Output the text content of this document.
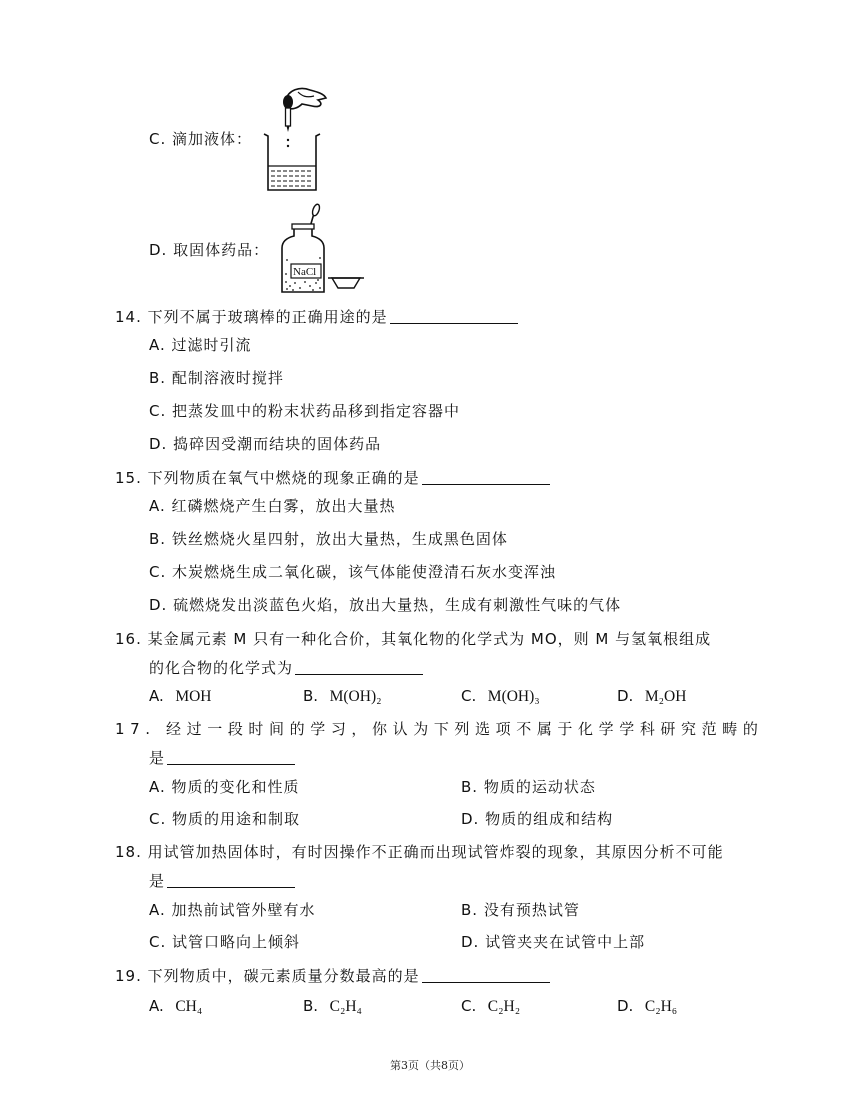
C. 滴加液体：
D. 取固体药品：
NaCl
14. 下列不属于玻璃棒的正确用途的是
A. 过滤时引流
B. 配制溶液时搅拌
C. 把蒸发皿中的粉末状药品移到指定容器中
D. 捣碎因受潮而结块的固体药品
15. 下列物质在氧气中燃烧的现象正确的是
A. 红磷燃烧产生白雾，放出大量热
B. 铁丝燃烧火星四射，放出大量热，生成黑色固体
C. 木炭燃烧生成二氧化碳，该气体能使澄清石灰水变浑浊
D. 硫燃烧发出淡蓝色火焰，放出大量热，生成有刺激性气味的气体
16. 某金属元素 M 只有一种化合价，其氧化物的化学式为 MO，则 M 与氢氧根组成
的化合物的化学式为
A. MOH	B. M(OH)₂	C. M(OH)₃	D. M₂OH
17. 经过一段时间的学习，你认为下列选项不属于化学学科研究范畴的
是
A. 物质的变化和性质	B. 物质的运动状态
C. 物质的用途和制取	D. 物质的组成和结构
18. 用试管加热固体时，有时因操作不正确而出现试管炸裂的现象，其原因分析不可能
是
A. 加热前试管外壁有水	B. 没有预热试管
C. 试管口略向上倾斜	D. 试管夹夹在试管中上部
19. 下列物质中，碳元素质量分数最高的是
A. CH₄	B. C₂H₄	C. C₂H₂	D. C₂H₆
第3页（共8页）
